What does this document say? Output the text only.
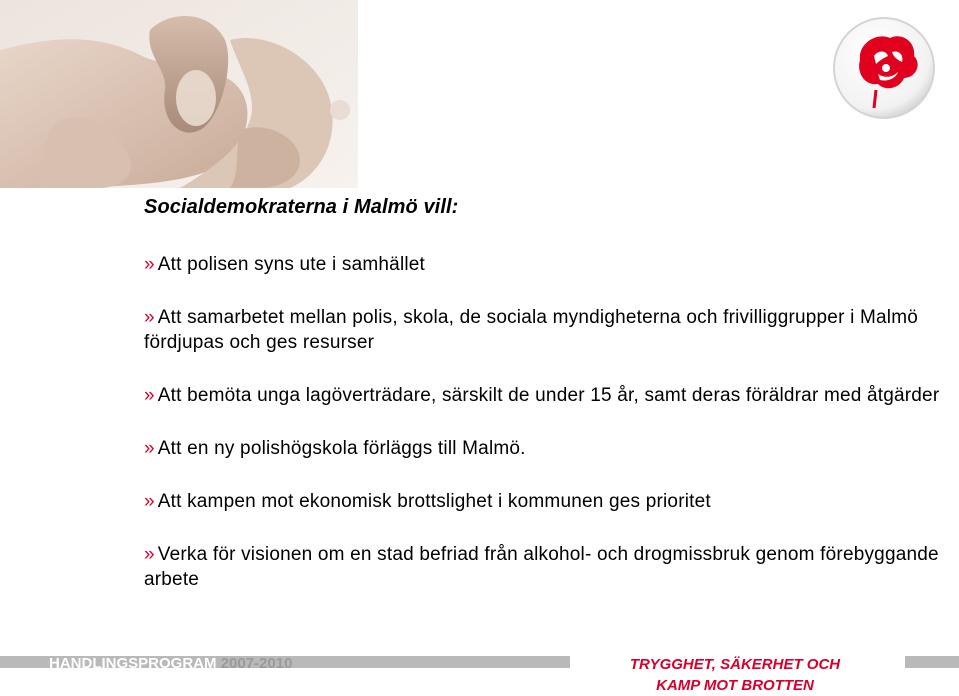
Socialdemokraterna i Malmö vill:
» Att polisen syns ute i samhället
» Att samarbetet mellan polis, skola, de sociala myndigheterna och frivilliggrupper i Malmö fördjupas och ges resurser
» Att bemöta unga lagöverträdare, särskilt de under 15 år, samt deras föräldrar med åtgärder
» Att en ny polishögskola förläggs till Malmö.
» Att kampen mot ekonomisk brottslighet i kommunen ges prioritet
» Verka för visionen om en stad befriad från alkohol- och drogmissbruk genom förebyggande arbete
HANDLINGSPROGRAM 2007-2010	TRYGGHET, SÄKERHET OCH
KAMP MOT BROTTEN
